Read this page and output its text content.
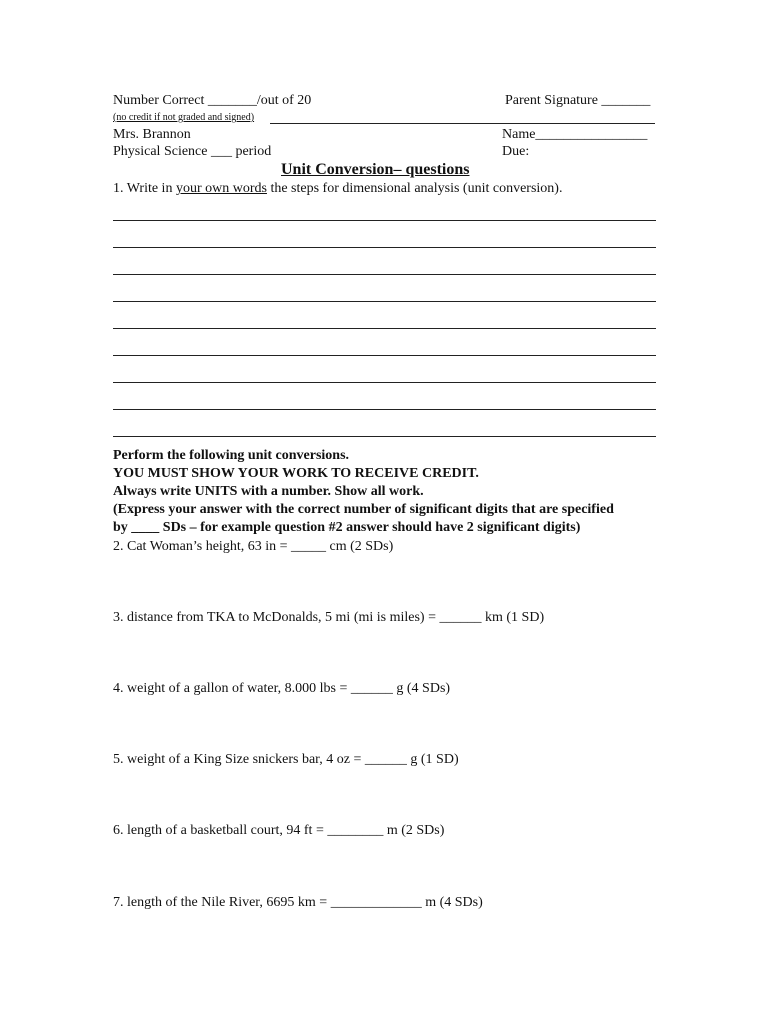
Number Correct _______/out of 20	Parent Signature _______
(no credit if not graded and signed)
Mrs. Brannon	Name________________
Physical Science ___ period	Due:
Unit Conversion– questions
1. Write in your own words the steps for dimensional analysis (unit conversion).
Perform the following unit conversions.
YOU MUST SHOW YOUR WORK TO RECEIVE CREDIT.
Always write UNITS with a number. Show all work.
(Express your answer with the correct number of significant digits that are specified
by ____ SDs – for example question #2 answer should have 2 significant digits)
2. Cat Woman’s height, 63 in = _____ cm (2 SDs)
3. distance from TKA to McDonalds, 5 mi (mi is miles) = ______ km (1 SD)
4. weight of a gallon of water, 8.000 lbs = ______ g (4 SDs)
5. weight of a King Size snickers bar, 4 oz = ______ g (1 SD)
6. length of a basketball court, 94 ft = ________ m (2 SDs)
7. length of the Nile River, 6695 km = _____________ m (4 SDs)
